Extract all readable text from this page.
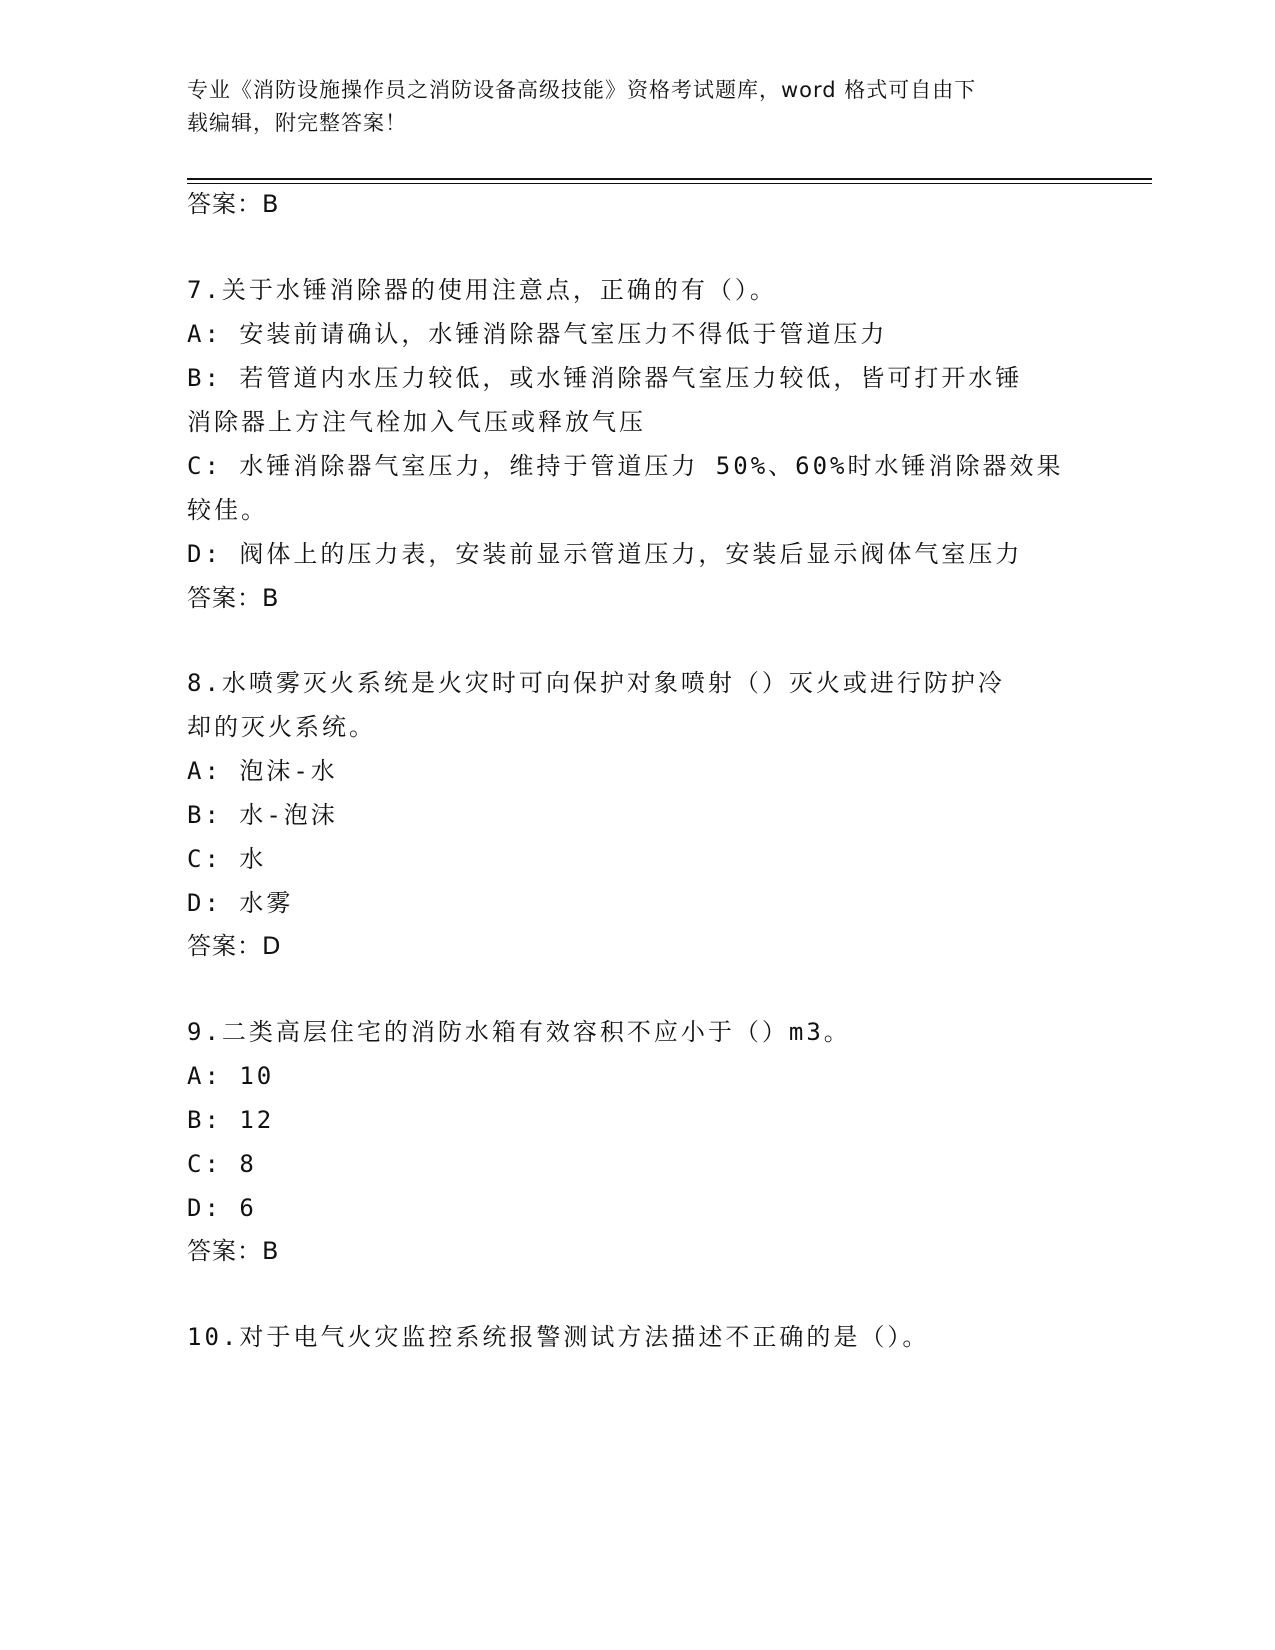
专业《消防设施操作员之消防设备高级技能》资格考试题库，word 格式可自由下
载编辑，附完整答案！
答案：B
7.关于水锤消除器的使用注意点，正确的有（）。
A: 安装前请确认，水锤消除器气室压力不得低于管道压力
B: 若管道内水压力较低，或水锤消除器气室压力较低，皆可打开水锤
消除器上方注气栓加入气压或释放气压
C: 水锤消除器气室压力，维持于管道压力 50%、60%时水锤消除器效果
较佳。
D: 阀体上的压力表，安装前显示管道压力，安装后显示阀体气室压力
答案：B
8.水喷雾灭火系统是火灾时可向保护对象喷射（）灭火或进行防护冷
却的灭火系统。
A: 泡沫-水
B: 水-泡沫
C: 水
D: 水雾
答案：D
9.二类高层住宅的消防水箱有效容积不应小于（）m3。
A: 10
B: 12
C: 8
D: 6
答案：B
10.对于电气火灾监控系统报警测试方法描述不正确的是（）。
